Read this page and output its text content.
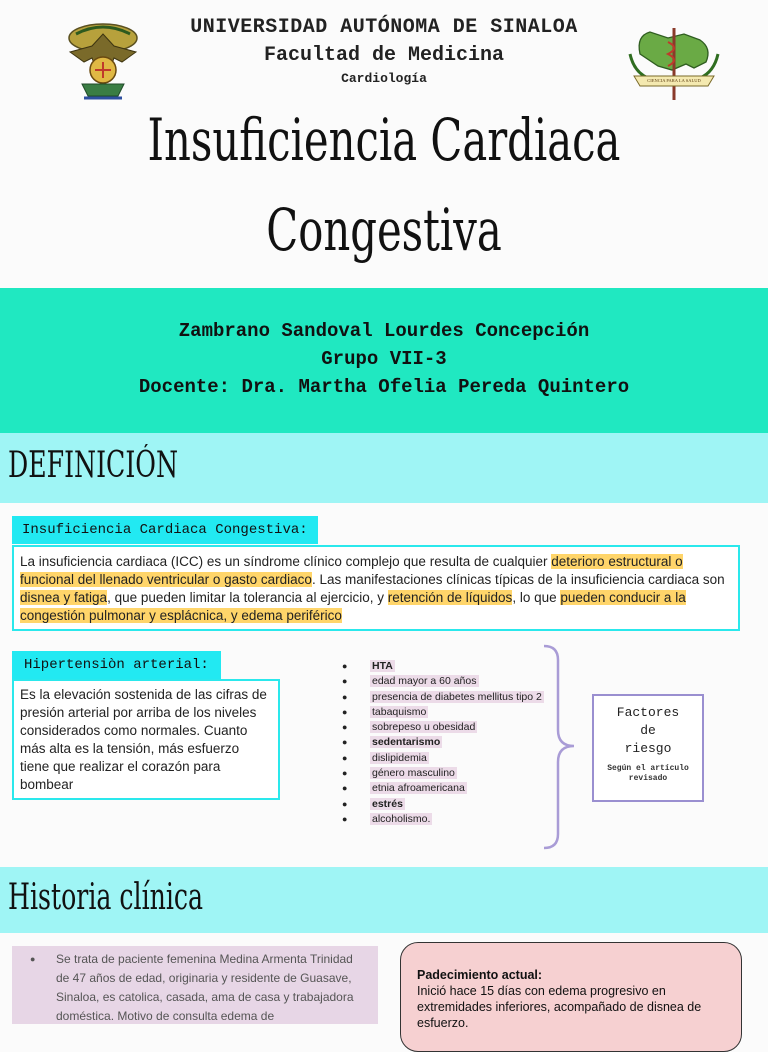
CIENCIA PARA LA SALUD
UNIVERSIDAD AUTÓNOMA DE SINALOA
Facultad de Medicina
Cardiología
Insuficiencia Cardiaca
Congestiva
Zambrano Sandoval Lourdes Concepción
Grupo VII-3
Docente: Dra. Martha Ofelia Pereda Quintero
DEFINICIÓN
Insuficiencia Cardiaca Congestiva:
La insuficiencia cardiaca (ICC) es un síndrome clínico complejo que resulta de cualquier deterioro estructural o funcional del llenado ventricular o gasto cardiaco. Las manifestaciones clínicas típicas de la insuficiencia cardiaca son disnea y fatiga, que pueden limitar la tolerancia al ejercicio, y retención de líquidos, lo que pueden conducir a la congestión pulmonar y esplácnica, y edema periférico
Hipertensiòn arterial:
Es la elevación sostenida de las cifras de presión arterial por arriba de los niveles considerados como normales. Cuanto más alta es la tensión, más esfuerzo tiene que realizar el corazón para bombear
● HTA
● edad mayor a 60 años
● presencia de diabetes mellitus tipo 2
● tabaquismo
● sobrepeso u obesidad
● sedentarismo
● dislipidemia
● género masculino
● etnia afroamericana
● estrés
● alcoholismo.
Factores
de
riesgo
Según el artículo
revisado
Historia clínica
● Se trata de paciente femenina Medina Armenta Trinidad de 47 años de edad, originaria y residente de Guasave, Sinaloa, es catolica, casada, ama de casa y trabajadora doméstica. Motivo de consulta edema de
Padecimiento actual:
Inició hace 15 días con edema progresivo en extremidades inferiores, acompañado de disnea de esfuerzo.
